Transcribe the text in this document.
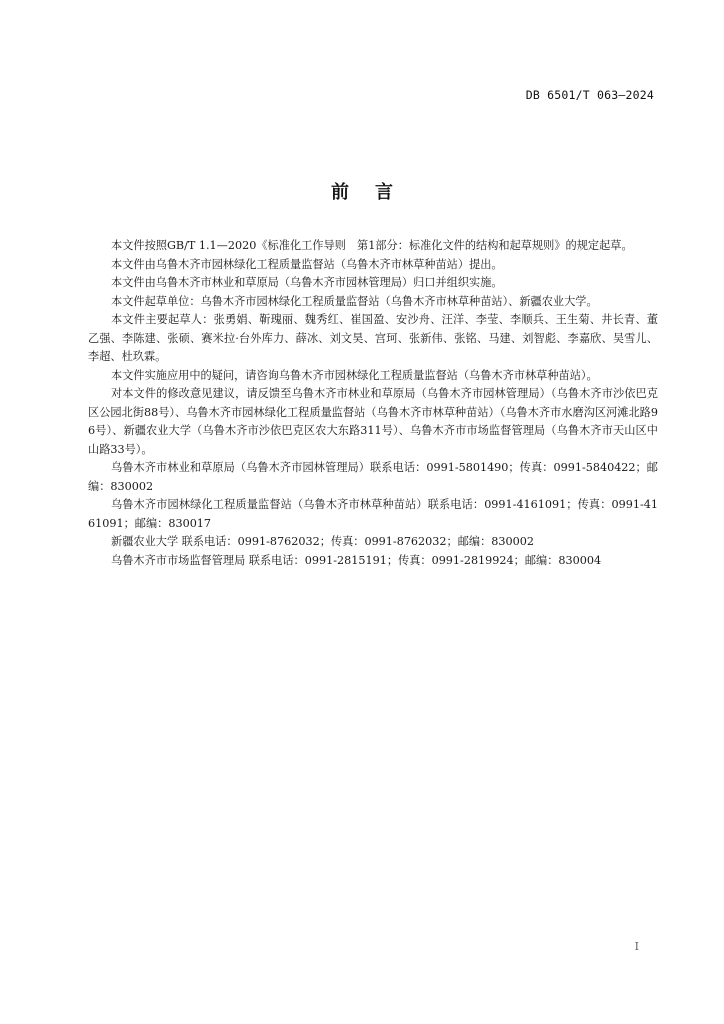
DB 6501/T 063—2024
前言

本文件按照GB/T 1.1—2020《标准化工作导则　第1部分：标准化文件的结构和起草规则》的规定起草。

本文件由乌鲁木齐市园林绿化工程质量监督站（乌鲁木齐市林草种苗站）提出。

本文件由乌鲁木齐市林业和草原局（乌鲁木齐市园林管理局）归口并组织实施。

本文件起草单位：乌鲁木齐市园林绿化工程质量监督站（乌鲁木齐市林草种苗站）、新疆农业大学。

本文件主要起草人：张勇娟、靳瑰丽、魏秀红、崔国盈、安沙舟、汪洋、李莹、李顺兵、王生菊、井长青、董乙强、李陈建、张硕、赛米拉·台外库力、薛冰、刘文昊、宫珂、张新伟、张铭、马建、刘智彪、李嘉欣、吴雪儿、李超、杜玖霖。

本文件实施应用中的疑问，请咨询乌鲁木齐市园林绿化工程质量监督站（乌鲁木齐市林草种苗站）。

对本文件的修改意见建议，请反馈至乌鲁木齐市林业和草原局（乌鲁木齐市园林管理局）（乌鲁木齐市沙依巴克区公园北街88号）、乌鲁木齐市园林绿化工程质量监督站（乌鲁木齐市林草种苗站）（乌鲁木齐市水磨沟区河滩北路96号）、新疆农业大学（乌鲁木齐市沙依巴克区农大东路311号）、乌鲁木齐市市场监督管理局（乌鲁木齐市天山区中山路33号）。

乌鲁木齐市林业和草原局（乌鲁木齐市园林管理局）联系电话：0991-5801490；传真：0991-5840422；邮编：830002

乌鲁木齐市园林绿化工程质量监督站（乌鲁木齐市林草种苗站）联系电话：0991-4161091；传真：0991-4161091；邮编：830017

新疆农业大学 联系电话：0991-8762032；传真：0991-8762032；邮编：830002

乌鲁木齐市市场监督管理局 联系电话：0991-2815191；传真：0991-2819924；邮编：830004

I
